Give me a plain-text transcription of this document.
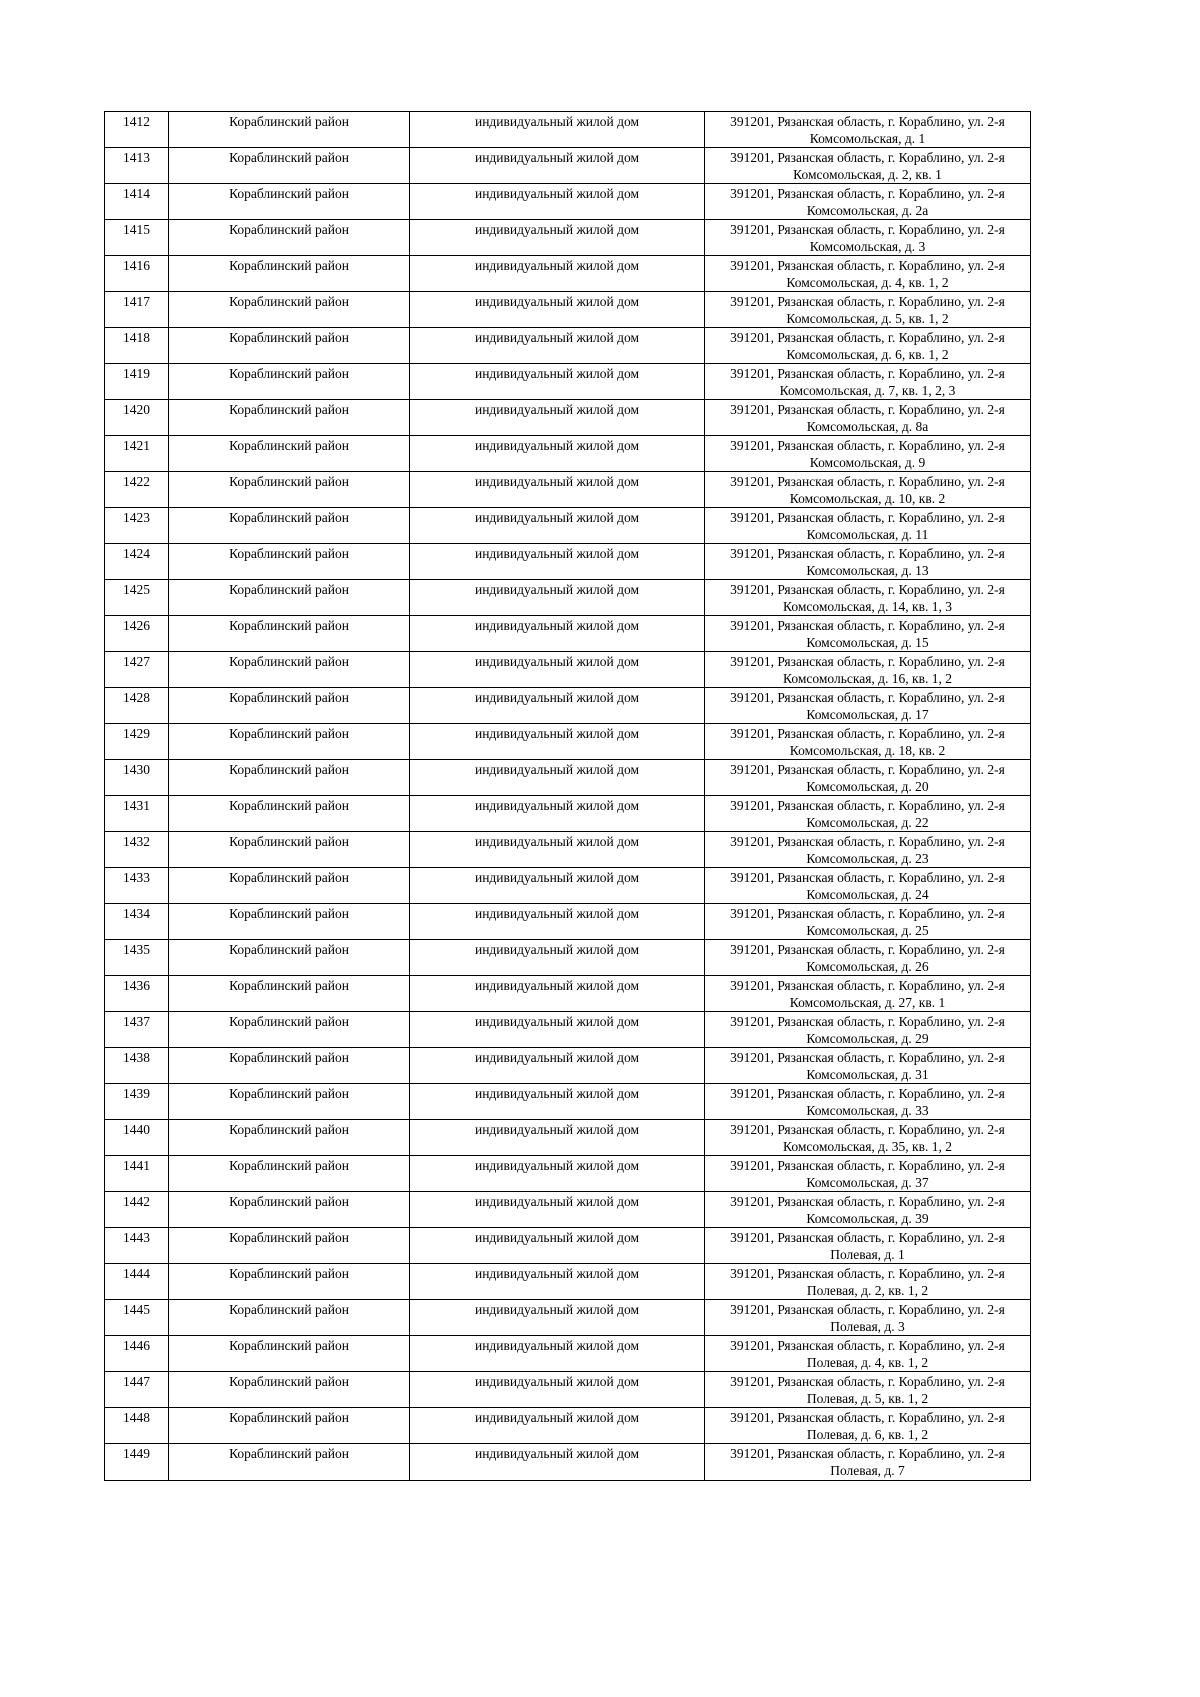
1412	Кораблинский район	индивидуальный жилой дом	391201, Рязанская область, г. Кораблино, ул. 2-я
Комсомольская, д. 1

1413	Кораблинский район	индивидуальный жилой дом	391201, Рязанская область, г. Кораблино, ул. 2-я
Комсомольская, д. 2, кв. 1

1414	Кораблинский район	индивидуальный жилой дом	391201, Рязанская область, г. Кораблино, ул. 2-я
Комсомольская, д. 2а

1415	Кораблинский район	индивидуальный жилой дом	391201, Рязанская область, г. Кораблино, ул. 2-я
Комсомольская, д. 3

1416	Кораблинский район	индивидуальный жилой дом	391201, Рязанская область, г. Кораблино, ул. 2-я
Комсомольская, д. 4, кв. 1, 2

1417	Кораблинский район	индивидуальный жилой дом	391201, Рязанская область, г. Кораблино, ул. 2-я
Комсомольская, д. 5, кв. 1, 2

1418	Кораблинский район	индивидуальный жилой дом	391201, Рязанская область, г. Кораблино, ул. 2-я
Комсомольская, д. 6, кв. 1, 2

1419	Кораблинский район	индивидуальный жилой дом	391201, Рязанская область, г. Кораблино, ул. 2-я
Комсомольская, д. 7, кв. 1, 2, 3

1420	Кораблинский район	индивидуальный жилой дом	391201, Рязанская область, г. Кораблино, ул. 2-я
Комсомольская, д. 8а

1421	Кораблинский район	индивидуальный жилой дом	391201, Рязанская область, г. Кораблино, ул. 2-я
Комсомольская, д. 9

1422	Кораблинский район	индивидуальный жилой дом	391201, Рязанская область, г. Кораблино, ул. 2-я
Комсомольская, д. 10, кв. 2

1423	Кораблинский район	индивидуальный жилой дом	391201, Рязанская область, г. Кораблино, ул. 2-я
Комсомольская, д. 11

1424	Кораблинский район	индивидуальный жилой дом	391201, Рязанская область, г. Кораблино, ул. 2-я
Комсомольская, д. 13

1425	Кораблинский район	индивидуальный жилой дом	391201, Рязанская область, г. Кораблино, ул. 2-я
Комсомольская, д. 14, кв. 1, 3

1426	Кораблинский район	индивидуальный жилой дом	391201, Рязанская область, г. Кораблино, ул. 2-я
Комсомольская, д. 15

1427	Кораблинский район	индивидуальный жилой дом	391201, Рязанская область, г. Кораблино, ул. 2-я
Комсомольская, д. 16, кв. 1, 2

1428	Кораблинский район	индивидуальный жилой дом	391201, Рязанская область, г. Кораблино, ул. 2-я
Комсомольская, д. 17

1429	Кораблинский район	индивидуальный жилой дом	391201, Рязанская область, г. Кораблино, ул. 2-я
Комсомольская, д. 18, кв. 2

1430	Кораблинский район	индивидуальный жилой дом	391201, Рязанская область, г. Кораблино, ул. 2-я
Комсомольская, д. 20

1431	Кораблинский район	индивидуальный жилой дом	391201, Рязанская область, г. Кораблино, ул. 2-я
Комсомольская, д. 22

1432	Кораблинский район	индивидуальный жилой дом	391201, Рязанская область, г. Кораблино, ул. 2-я
Комсомольская, д. 23

1433	Кораблинский район	индивидуальный жилой дом	391201, Рязанская область, г. Кораблино, ул. 2-я
Комсомольская, д. 24

1434	Кораблинский район	индивидуальный жилой дом	391201, Рязанская область, г. Кораблино, ул. 2-я
Комсомольская, д. 25

1435	Кораблинский район	индивидуальный жилой дом	391201, Рязанская область, г. Кораблино, ул. 2-я
Комсомольская, д. 26

1436	Кораблинский район	индивидуальный жилой дом	391201, Рязанская область, г. Кораблино, ул. 2-я
Комсомольская, д. 27, кв. 1

1437	Кораблинский район	индивидуальный жилой дом	391201, Рязанская область, г. Кораблино, ул. 2-я
Комсомольская, д. 29

1438	Кораблинский район	индивидуальный жилой дом	391201, Рязанская область, г. Кораблино, ул. 2-я
Комсомольская, д. 31

1439	Кораблинский район	индивидуальный жилой дом	391201, Рязанская область, г. Кораблино, ул. 2-я
Комсомольская, д. 33

1440	Кораблинский район	индивидуальный жилой дом	391201, Рязанская область, г. Кораблино, ул. 2-я
Комсомольская, д. 35, кв. 1, 2

1441	Кораблинский район	индивидуальный жилой дом	391201, Рязанская область, г. Кораблино, ул. 2-я
Комсомольская, д. 37

1442	Кораблинский район	индивидуальный жилой дом	391201, Рязанская область, г. Кораблино, ул. 2-я
Комсомольская, д. 39

1443	Кораблинский район	индивидуальный жилой дом	391201, Рязанская область, г. Кораблино, ул. 2-я
Полевая, д. 1

1444	Кораблинский район	индивидуальный жилой дом	391201, Рязанская область, г. Кораблино, ул. 2-я
Полевая, д. 2, кв. 1, 2

1445	Кораблинский район	индивидуальный жилой дом	391201, Рязанская область, г. Кораблино, ул. 2-я
Полевая, д. 3

1446	Кораблинский район	индивидуальный жилой дом	391201, Рязанская область, г. Кораблино, ул. 2-я
Полевая, д. 4, кв. 1, 2

1447	Кораблинский район	индивидуальный жилой дом	391201, Рязанская область, г. Кораблино, ул. 2-я
Полевая, д. 5, кв. 1, 2

1448	Кораблинский район	индивидуальный жилой дом	391201, Рязанская область, г. Кораблино, ул. 2-я
Полевая, д. 6, кв. 1, 2

1449	Кораблинский район	индивидуальный жилой дом	391201, Рязанская область, г. Кораблино, ул. 2-я
Полевая, д. 7
